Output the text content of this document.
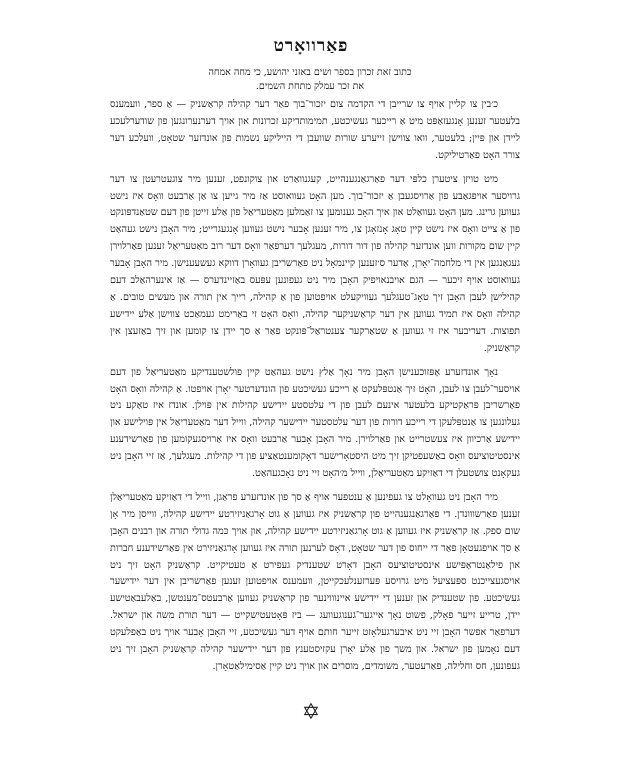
פאַרוואָרט
כתוב זאת זכרון בספר ושים באזני יהושע, כי מחה אמחה
את זכר עמלק מתחת השמים.

כ׳בין צו קליין אויף צו שרייבן די הקדמה צום יזכור־בוך פאַר דער קהילה קראַשניק — אַ ספר, וועמענס בלעטער זענען אָנגעזאַפּט מיט אַ רייכער געשיכטע, תמימותדיקע זכרונות און אויך דערנערונגען פון שודערלעכע ליידן און פּיין; בלעטער, וואו צווישן זייערע שורות שוועבן די הייליקע נשמות פון אונדזער שטאָט, וועלכע דער צורר האָט פאַרטיליקט.

מיט טויזן ציטערן כלפּי דער פאַרגאַנגענהייט, קעגנוואַרט און צוקונפט, זענען מיר צוגעטרעטן צו דער גרויסער אויפגאַבע פון אַרויסגעבן אַ יזכור־בוך. מען האָט געוואוסט אַז מיר גייען צו אַן אַרבעט וואָס איז נישט געווען גרינג. מען האָט געוואַלט און איך האָב גענומען צו זאַמלען מאַטעריאַל פון אַלע זייטן פון דעם שטאַנדפּונקט פון אַ צייט וואָס איז נישט קיין טאָג אָנזאָגן צו, מיר זענען אָבער נישט געווען אָנגעגרייט; מיר האָבן נישט געהאַט קיין שום מקורות ווען אונדזער קהילה פון דור דורות, מעגלעך דערפאַר וואָס דער רוב מאַטעריאַל זענען פאַרלוירן געגאַנגען אין די מלחמה־יאָרן, אַדער ס׳זענען קיינמאָל ניט פאַרשריבן געוואָרן דווקא געשעענישן. מיר האָבן אָבער געוואוסט אויף זיכער — הגם אויבנאויפיק האָבן מיר ניט געפונען עפּעס באַזיינדערס — אַז אינערהאַלב דעם קהילישן לעבן האָבן זיך טאָג־טעגלעך געוויקעלט אויפטוען פון אַ קהילה, רייך אין תורה און מעשים טובים. אַ קהילה וואָס איז תמיד געווען אין דער קראַשניקער קהילה, וואָס האָט זי באַרימט געמאַכט צווישן אַלע יידישע תפוצות. דעריבער איז זי געווען אַ שטאַרקער צענטראַל־פּונקט פאַר אַ סך יידן צו קומען און זיך באַזעצן אין קראַשניק.

נאָך אונדזערע אָפּזוכענישן האָבן מיר נאָך אַלץ נישט געהאַט קיין פולשטענדיקע מאַטעריאַל פון דעם אויסער־לעבן צו לעבן, האָט זיך אַנטפּלעקט אַ רייכע געשיכטע פון הונדערטער יאָרן אויפטו. אַ קהילה וואָס האָט פאַרשריבן פּראַקטיקע בלעטער אינעם לעבן פון די עלטסטע יידישע קהילות אין פּוילן. אונדז איז טאַקע ניט געלונגען צו אַנטפּלעקן די רייכע דורות פון דער עלטסטער יידישער קהילה, ווייל דער מאַטעריאַל אין פּוילישע און יידישע אַרכיוון איז צעשטרייט און פאַרלוירן. מיר האָבן אָבער אַרבעט וואָס איז אַרויסגעקומען פון פאַרשידענע אינסטיטוציעס וואָס באַשעפטיקן זיך מיט היסטאָרישער דאָקומענטאַציע פון די קהילות. מעגלעך, אַז זיי האָבן ניט געקאָנט צושטעלן די דאַזיקע מאַטעריאַלן, ווייל מ׳האָט זיי ניט נאָכגעהאַט.

מיר האָבן ניט געוואָלט צו געפינען אַ ענטפער אויף אַ סך פון אונדזערע פראַגן, ווייל די דאַזיקע מאַטעריאַלן זענען פאַרשווונדן. די פאַרגאַנגענהייט פון קראַשניק איז געווען אַ גוט אָרגאַניזירטע יידישע קהילה, ווייסן מיר אָן שום ספק. אַז קראַשניק איז געווען אַ גוט אָרגאַניזירטע יידישע קהילה, און אויך כּמה גדולי תורה און רבנים האָבן אַ סך אויפגעטאָן פאַר די ייחוס פון דער שטאָט, דאָס לערנען תורה איז געווען אָרגאַניזירט אין פאַרשידענע חברות און פילאַנטראָפּישע אינסטיטוציעס האָבן דאָרט שטענדיק געפירט אַ טעטיקייט. קראַשניק האָט זיך ניט אויסגעצייכנט ספּעציעל מיט גרויסע פּערזענלעכקייטן, וועמענס אויפטוען זענען פאַרשריבן אין דער יידישער געשיכטע. פון שטענדיק און זענען די יידישע איינוווינער פון קראַשניק געווען אַרבעטס־מענטשן, באַלעבאַטישע יידן, טרייע זייער פאָלק, פשוט נאָך אייגער־גענוגעוועג — ביז פּאָטעטישקייט — דער תורת משה און ישראל. דערפאַר אפשר האָבן זיי ניט איבערגעלאָזט זייער חותם אויף דער געשיכטע, זיי האָבן אָבער אויך ניט באַפלעקט דעם נאָמען פון ישראל. און משך פון אַלע יאָרן עקזיסטענץ פון דער יידישער קהילה קראַשניק האָבן זיך ניט געפונען, חס וחלילה, פאַרעטער, משומדים, מוסרים און אויך ניט קיין אַסימילאַטאָרן.

✡
